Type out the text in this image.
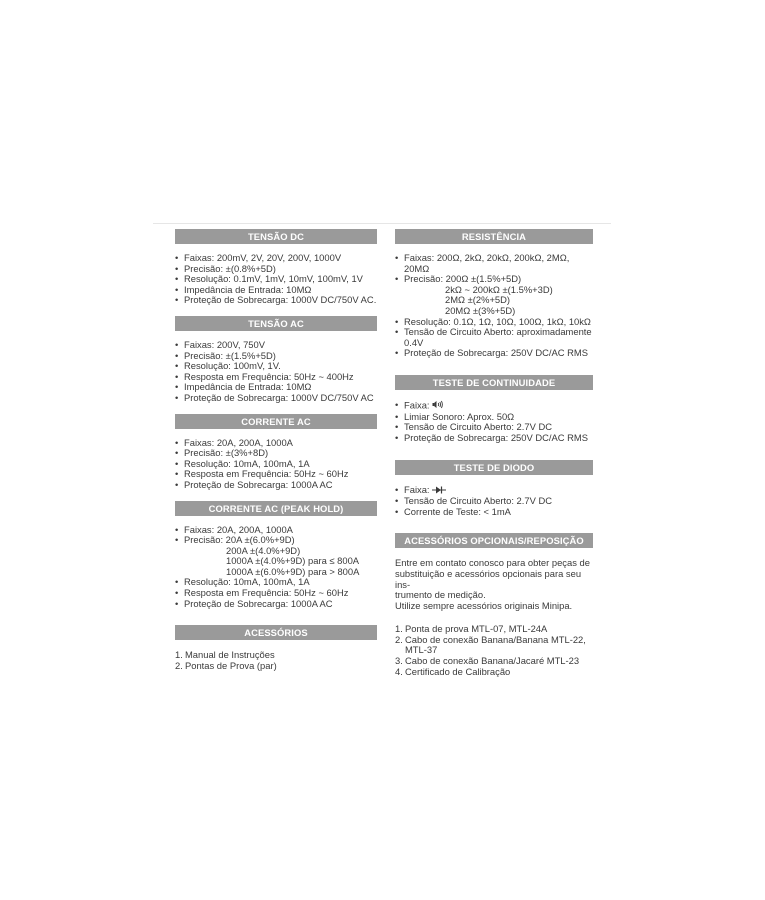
TENSÃO DC
• Faixas: 200mV, 2V, 20V, 200V, 1000V
• Precisão: ±(0.8%+5D)
• Resolução: 0.1mV, 1mV, 10mV, 100mV, 1V
• Impedância de Entrada: 10MΩ
• Proteção de Sobrecarga: 1000V DC/750V AC.
TENSÃO AC
• Faixas: 200V, 750V
• Precisão: ±(1.5%+5D)
• Resolução: 100mV, 1V.
• Resposta em Frequência: 50Hz ~ 400Hz
• Impedância de Entrada: 10MΩ
• Proteção de Sobrecarga: 1000V DC/750V AC
CORRENTE AC
• Faixas: 20A, 200A, 1000A
• Precisão: ±(3%+8D)
• Resolução: 10mA, 100mA, 1A
• Resposta em Frequência: 50Hz ~ 60Hz
• Proteção de Sobrecarga: 1000A AC
CORRENTE AC (PEAK HOLD)
• Faixas: 20A, 200A, 1000A
• Precisão: 20A ±(6.0%+9D)
200A ±(4.0%+9D)
1000A ±(4.0%+9D) para ≤ 800A
1000A ±(6.0%+9D) para > 800A
• Resolução: 10mA, 100mA, 1A
• Resposta em Frequência: 50Hz ~ 60Hz
• Proteção de Sobrecarga: 1000A AC
ACESSÓRIOS
1. Manual de Instruções
2. Pontas de Prova (par)
RESISTÊNCIA
• Faixas: 200Ω, 2kΩ, 20kΩ, 200kΩ, 2MΩ, 20MΩ
• Precisão: 200Ω ±(1.5%+5D)
2kΩ ~ 200kΩ ±(1.5%+3D)
2MΩ ±(2%+5D)
20MΩ ±(3%+5D)
• Resolução: 0.1Ω, 1Ω, 10Ω, 100Ω, 1kΩ, 10kΩ
• Tensão de Circuito Aberto: aproximadamente
0.4V
• Proteção de Sobrecarga: 250V DC/AC RMS
TESTE DE CONTINUIDADE
• Faixa:
• Limiar Sonoro: Aprox. 50Ω
• Tensão de Circuito Aberto: 2.7V DC
• Proteção de Sobrecarga: 250V DC/AC RMS
TESTE DE DIODO
• Faixa:
• Tensão de Circuito Aberto: 2.7V DC
• Corrente de Teste: < 1mA
ACESSÓRIOS OPCIONAIS/REPOSIÇÃO
Entre em contato conosco para obter peças de
substituição e acessórios opcionais para seu ins-
trumento de medição.
Utilize sempre acessórios originais Minipa.
1. Ponta de prova MTL-07, MTL-24A
2. Cabo de conexão Banana/Banana MTL-22,
MTL-37
3. Cabo de conexão Banana/Jacaré MTL-23
4. Certificado de Calibração
